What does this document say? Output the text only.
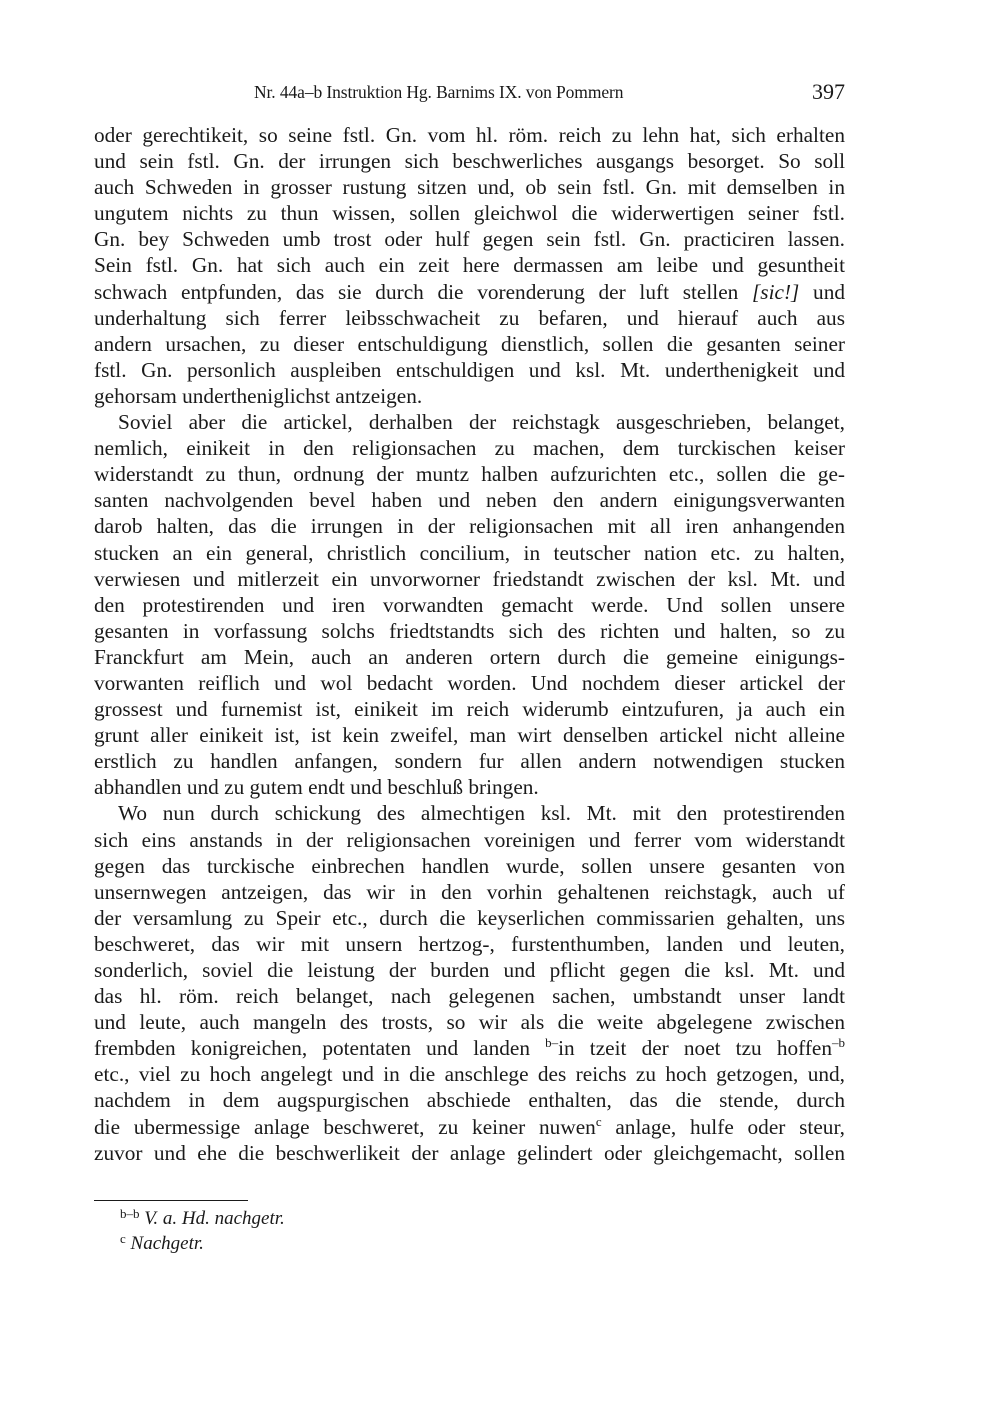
Nr. 44a–b Instruktion Hg. Barnims IX. von Pommern	397
oder gerechtikeit, so seine fstl. Gn. vom hl. röm. reich zu lehn hat, sich erhalten
und sein fstl. Gn. der irrungen sich beschwerliches ausgangs besorget. So soll
auch Schweden in grosser rustung sitzen und, ob sein fstl. Gn. mit demselben in
ungutem nichts zu thun wissen, sollen gleichwol die widerwertigen seiner fstl.
Gn. bey Schweden umb trost oder hulf gegen sein fstl. Gn. practiciren lassen.
Sein fstl. Gn. hat sich auch ein zeit here dermassen am leibe und gesuntheit
schwach entpfunden, das sie durch die vorenderung der luft stellen [sic!] und
underhaltung sich ferrer leibsschwacheit zu befaren, und hierauf auch aus
andern ursachen, zu dieser entschuldigung dienstlich, sollen die gesanten seiner
fstl. Gn. personlich auspleiben entschuldigen und ksl. Mt. underthenigkeit und
gehorsam undertheniglichst antzeigen.
Soviel aber die artickel, derhalben der reichstagk ausgeschrieben, belanget,
nemlich, einikeit in den religionsachen zu machen, dem turckischen keiser
widerstandt zu thun, ordnung der muntz halben aufzurichten etc., sollen die ge-
santen nachvolgenden bevel haben und neben den andern einigungsverwanten
darob halten, das die irrungen in der religionsachen mit all iren anhangenden
stucken an ein general, christlich concilium, in teutscher nation etc. zu halten,
verwiesen und mitlerzeit ein unvorworner friedstandt zwischen der ksl. Mt. und
den protestirenden und iren vorwandten gemacht werde. Und sollen unsere
gesanten in vorfassung solchs friedtstandts sich des richten und halten, so zu
Franckfurt am Mein, auch an anderen ortern durch die gemeine einigungs-
vorwanten reiflich und wol bedacht worden. Und nochdem dieser artickel der
grossest und furnemist ist, einikeit im reich widerumb eintzufuren, ja auch ein
grunt aller einikeit ist, ist kein zweifel, man wirt denselben artickel nicht alleine
erstlich zu handlen anfangen, sondern fur allen andern notwendigen stucken
abhandlen und zu gutem endt und beschluß bringen.
Wo nun durch schickung des almechtigen ksl. Mt. mit den protestirenden
sich eins anstands in der religionsachen voreinigen und ferrer vom widerstandt
gegen das turckische einbrechen handlen wurde, sollen unsere gesanten von
unsernwegen antzeigen, das wir in den vorhin gehaltenen reichstagk, auch uf
der versamlung zu Speir etc., durch die keyserlichen commissarien gehalten, uns
beschweret, das wir mit unsern hertzog-, furstenthumben, landen und leuten,
sonderlich, soviel die leistung der burden und pflicht gegen die ksl. Mt. und
das hl. röm. reich belanget, nach gelegenen sachen, umbstandt unser landt
und leute, auch mangeln des trosts, so wir als die weite abgelegene zwischen
frembden konigreichen, potentaten und landen $^{b-}$in tzeit der noet tzu hoffen$^{-b}$
etc., viel zu hoch angelegt und in die anschlege des reichs zu hoch getzogen, und,
nachdem in dem augspurgischen abschiede enthalten, das die stende, durch
die ubermessige anlage beschweret, zu keiner nuwen$^c$ anlage, hulfe oder steur,
zuvor und ehe die beschwerlikeit der anlage gelindert oder gleichgemacht, sollen
$^{b-b}$ V. a. Hd. nachgetr.
$^c$ Nachgetr.
